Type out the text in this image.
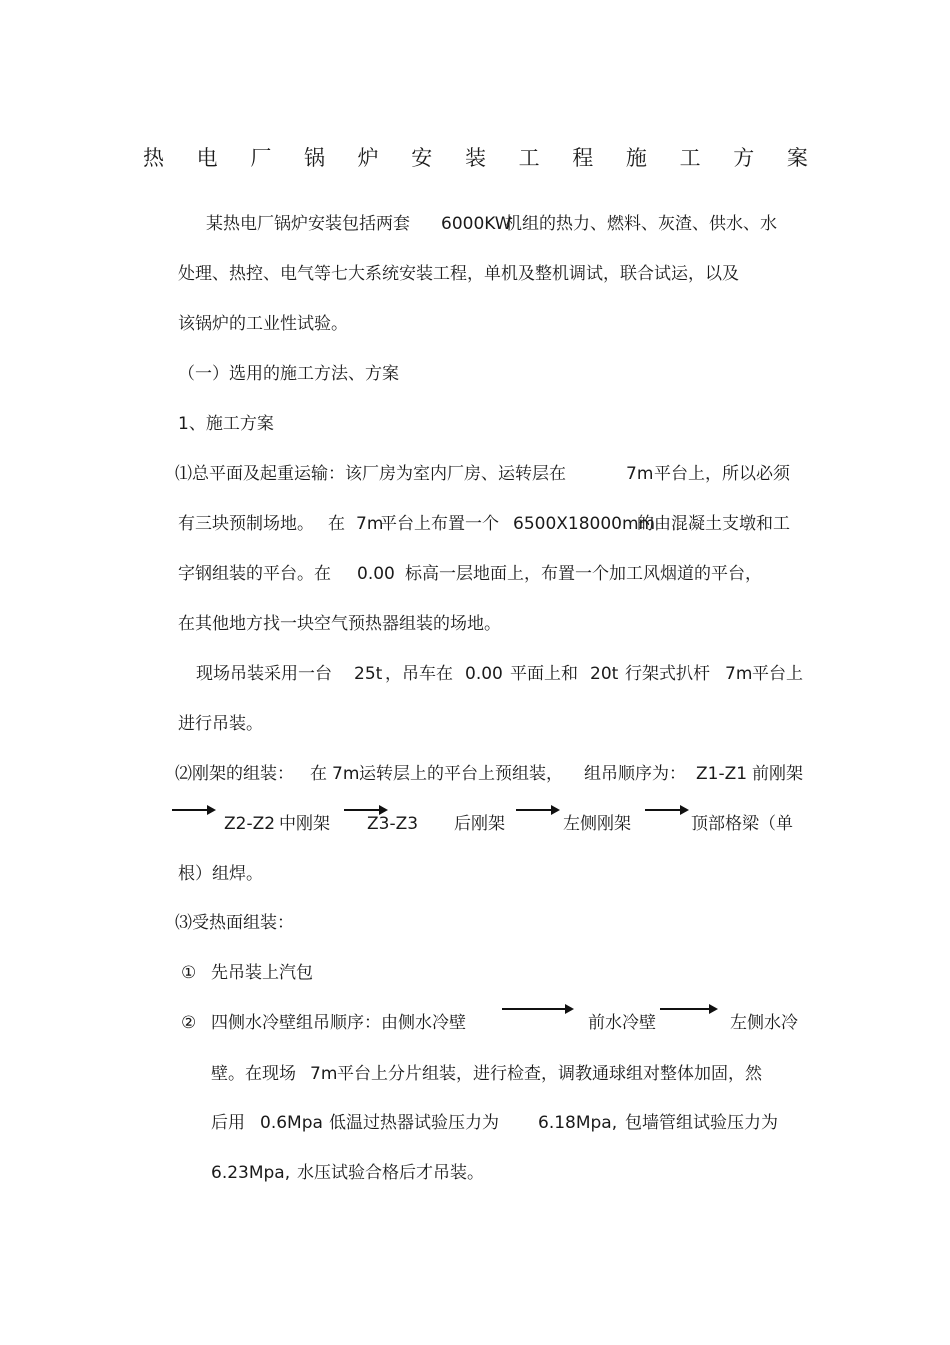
热 电 厂 锅 炉 安 装 工 程 施 工 方 案
某热电厂锅炉安装包括两套 6000KW
机组的热力、燃料、灰渣、供水、水
处理、热控、电气等七大系统安装工程，单机及整机调试，联合试运，以及
该锅炉的工业性试验。
（一）选用的施工方法、方案
1、施工方案
⑴总平面及起重运输：该厂房为室内厂房、运转层在	7m 平台上，所以必须
有三块预制场地。 在 7m
平台上布置一个 6500X18000mm
的由混凝土支墩和工
字钢组装的平台。在 0.00 标高一层地面上，布置一个加工风烟道的平台，
在其他地方找一块空气预热器组装的场地。
现场吊装采用一台 25t ，吊车在 0.00 平面上和 20t 行架式扒杆 7m 平台上
进行吊装。
⑵刚架的组装： 在 7m 运转层上的平台上预组装， 组吊顺序为： Z1-Z1 前刚架
Z2-Z2 中刚架 Z3-Z3 后刚架	左侧刚架	顶部格梁（单
根）组焊。
⑶受热面组装：
① 先吊装上汽包
② 四侧水冷壁组吊顺序：由侧水冷壁	前水冷壁	左侧水冷
壁。在现场 7m 平台上分片组装，进行检查，调教通球组对整体加固，然
后用 0.6Mpa 低温过热器试验压力为 6.18Mpa, 包墙管组试验压力为
6.23Mpa, 水压试验合格后才吊装。
